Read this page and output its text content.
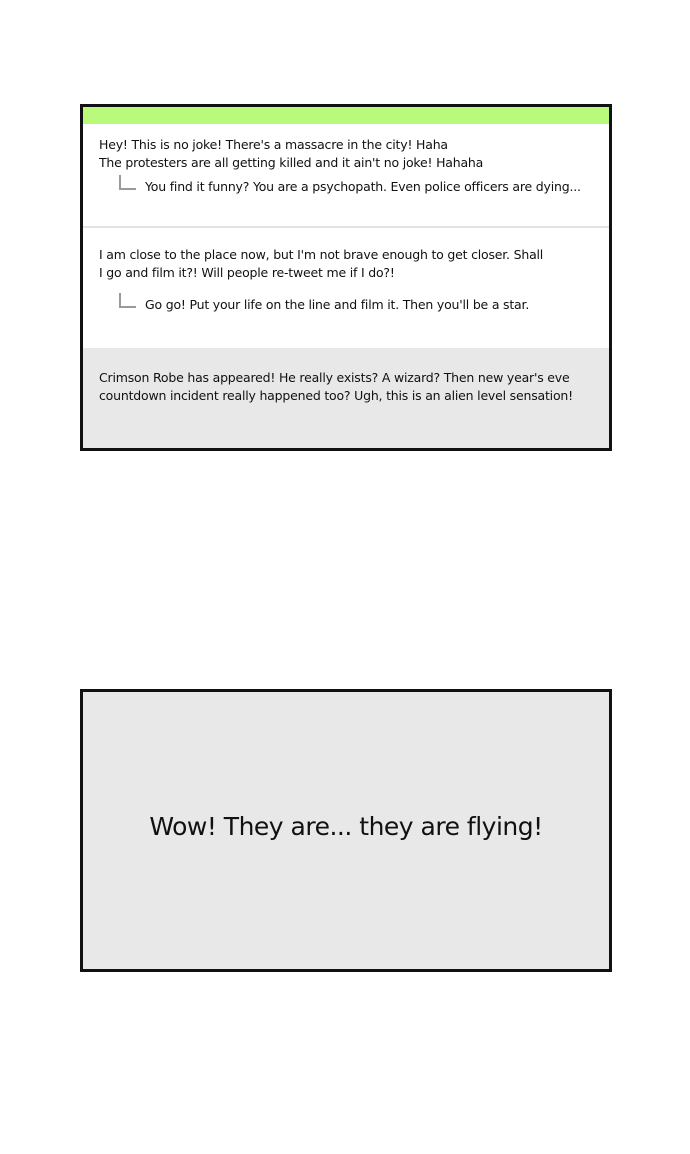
Hey! This is no joke! There's a massacre in the city! Haha
The protesters are all getting killed and it ain't no joke! Hahaha
You find it funny? You are a psychopath. Even police officers are dying...
I am close to the place now, but I'm not brave enough to get closer. Shall
I go and film it?! Will people re-tweet me if I do?!
Go go! Put your life on the line and film it. Then you'll be a star.
Crimson Robe has appeared! He really exists? A wizard? Then new year's eve
countdown incident really happened too? Ugh, this is an alien level sensation!
Wow! They are... they are flying!
